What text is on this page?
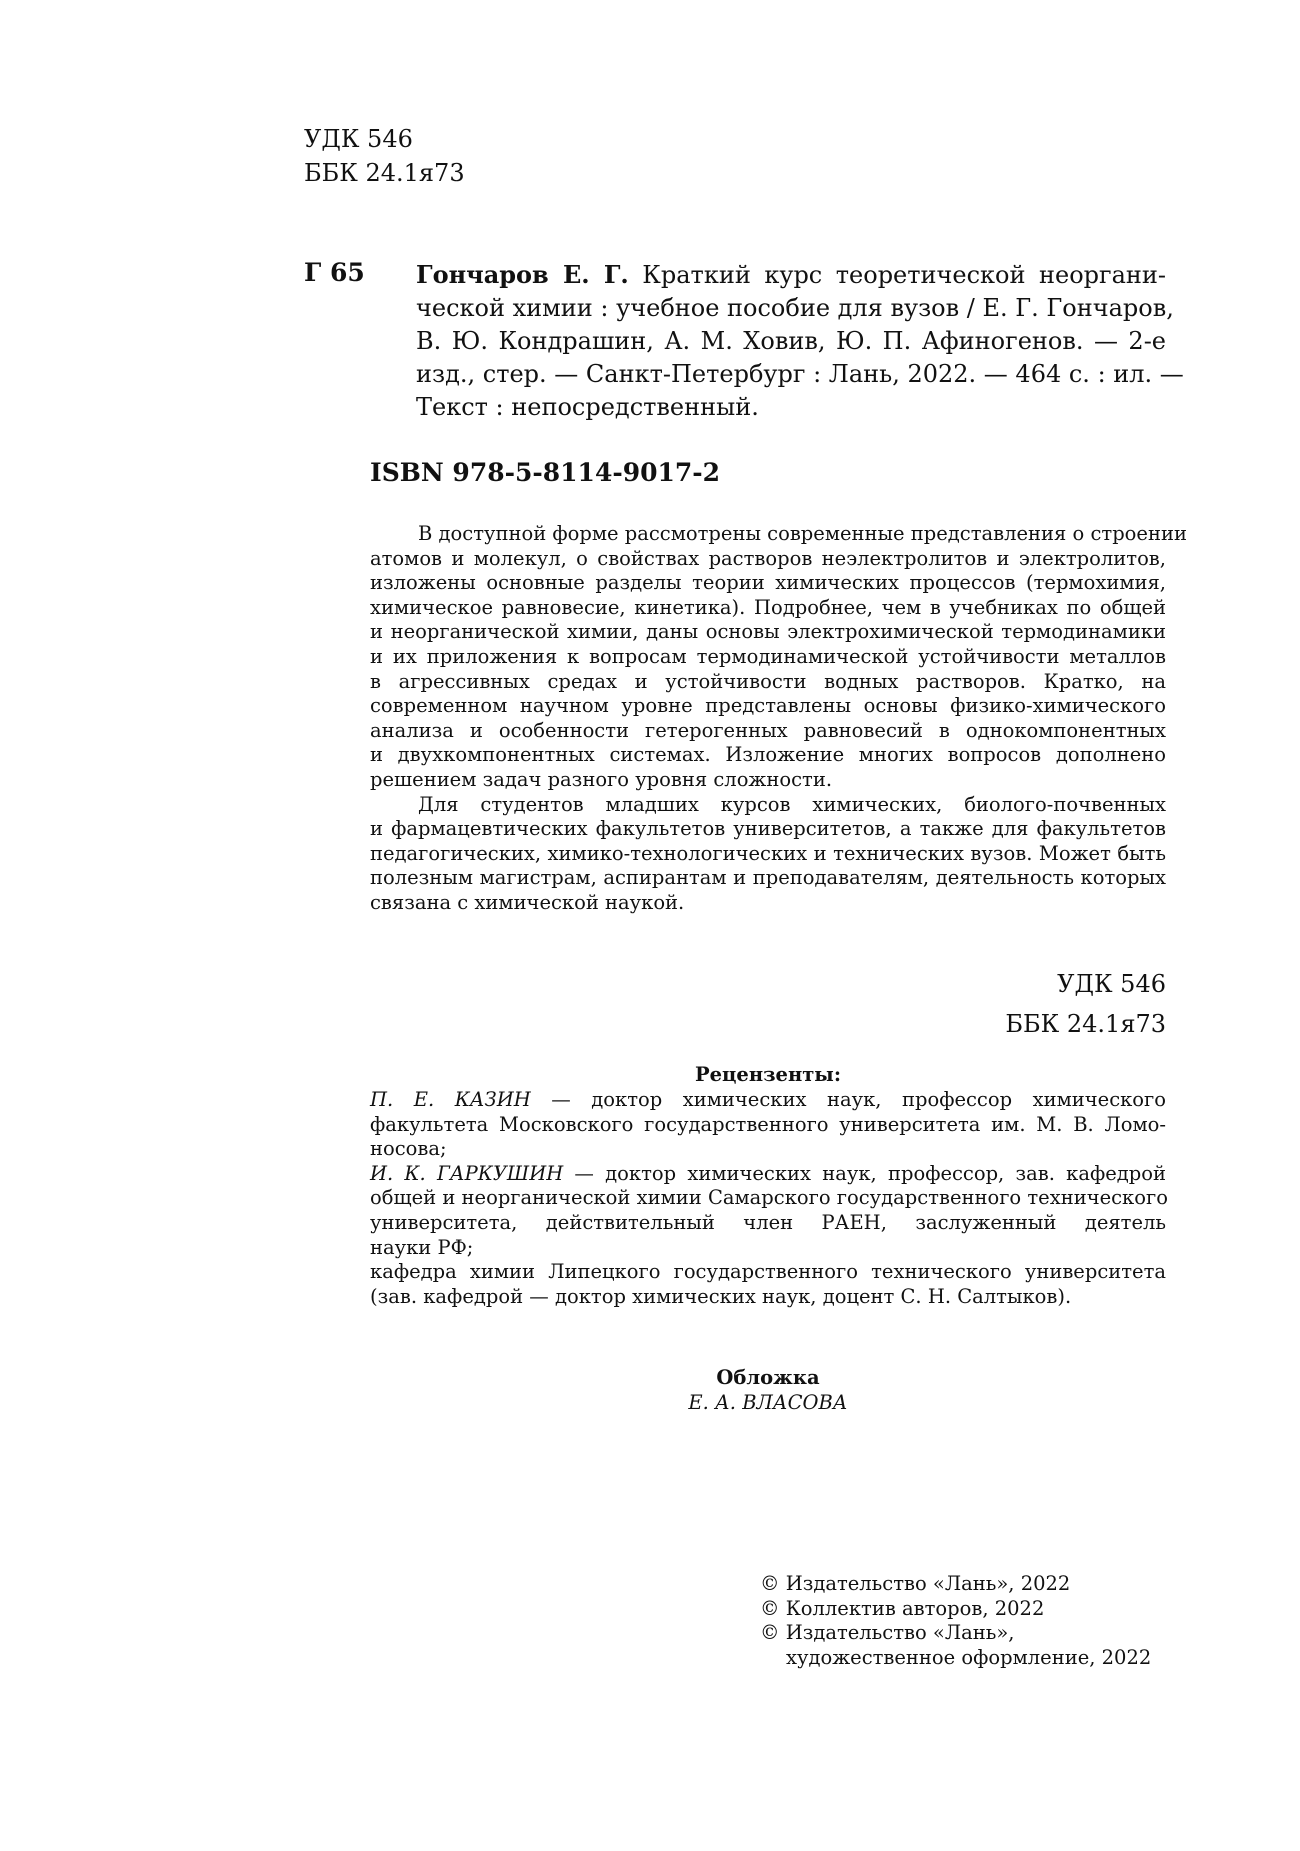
УДК 546
ББК 24.1я73
Г 65 Гончаров Е. Г. Краткий курс теоретической неоргани-
ческой химии : учебное пособие для вузов / Е. Г. Гончаров,
В. Ю. Кондрашин, А. М. Ховив, Ю. П. Афиногенов. — 2-е
изд., стер. — Санкт-Петербург : Лань, 2022. — 464 с. : ил. —
Текст : непосредственный.
ISBN 978-5-8114-9017-2
В доступной форме рассмотрены современные представления о строении
атомов и молекул, о свойствах растворов неэлектролитов и электролитов,
изложены основные разделы теории химических процессов (термохимия,
химическое равновесие, кинетика). Подробнее, чем в учебниках по общей
и неорганической химии, даны основы электрохимической термодинамики
и их приложения к вопросам термодинамической устойчивости металлов
в агрессивных средах и устойчивости водных растворов. Кратко, на
современном научном уровне представлены основы физико-химического
анализа и особенности гетерогенных равновесий в однокомпонентных
и двухкомпонентных системах. Изложение многих вопросов дополнено
решением задач разного уровня сложности.
Для студентов младших курсов химических, биолого-почвенных
и фармацевтических факультетов университетов, а также для факультетов
педагогических, химико-технологических и технических вузов. Может быть
полезным магистрам, аспирантам и преподавателям, деятельность которых
связана с химической наукой.
УДК 546
ББК 24.1я73
Рецензенты:
П. Е. КАЗИН — доктор химических наук, профессор химического
факультета Московского государственного университета им. М. В. Ломо-
носова;
И. К. ГАРКУШИН — доктор химических наук, профессор, зав. кафедрой
общей и неорганической химии Самарского государственного технического
университета, действительный член РАЕН, заслуженный деятель
науки РФ;
кафедра химии Липецкого государственного технического университета
(зав. кафедрой — доктор химических наук, доцент С. Н. Салтыков).
Обложка
Е. А. ВЛАСОВА
© Издательство «Лань», 2022
© Коллектив авторов, 2022
© Издательство «Лань»,
художественное оформление, 2022
